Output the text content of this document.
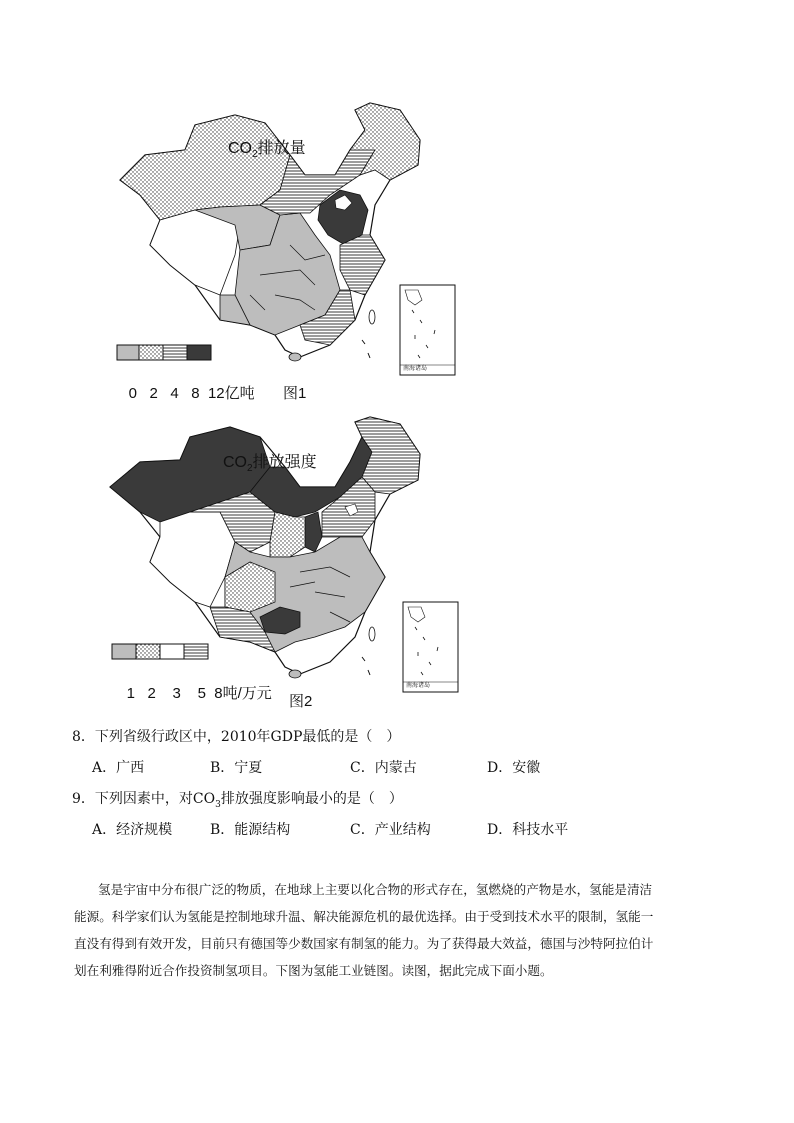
$CO_2$排放量
南海诸岛

0 2 4 8 12亿吨
图1
$CO_2$排放强度
南海诸岛

1 2 3 5 8吨/万元
图2
8．下列省级行政区中，2010年GDP最低的是（　）
A．广西	B．宁夏	C．内蒙古	D．安徽
9．下列因素中，对$CO_3$排放强度影响最小的是（　）
A．经济规模	B．能源结构	C．产业结构	D．科技水平
氢是宇宙中分布很广泛的物质，在地球上主要以化合物的形式存在，氢燃烧的产物是水，氢能是清洁
能源。科学家们认为氢能是控制地球升温、解决能源危机的最优选择。由于受到技术水平的限制，氢能一
直没有得到有效开发，目前只有德国等少数国家有制氢的能力。为了获得最大效益，德国与沙特阿拉伯计
划在利雅得附近合作投资制氢项目。下图为氢能工业链图。读图，据此完成下面小题。
